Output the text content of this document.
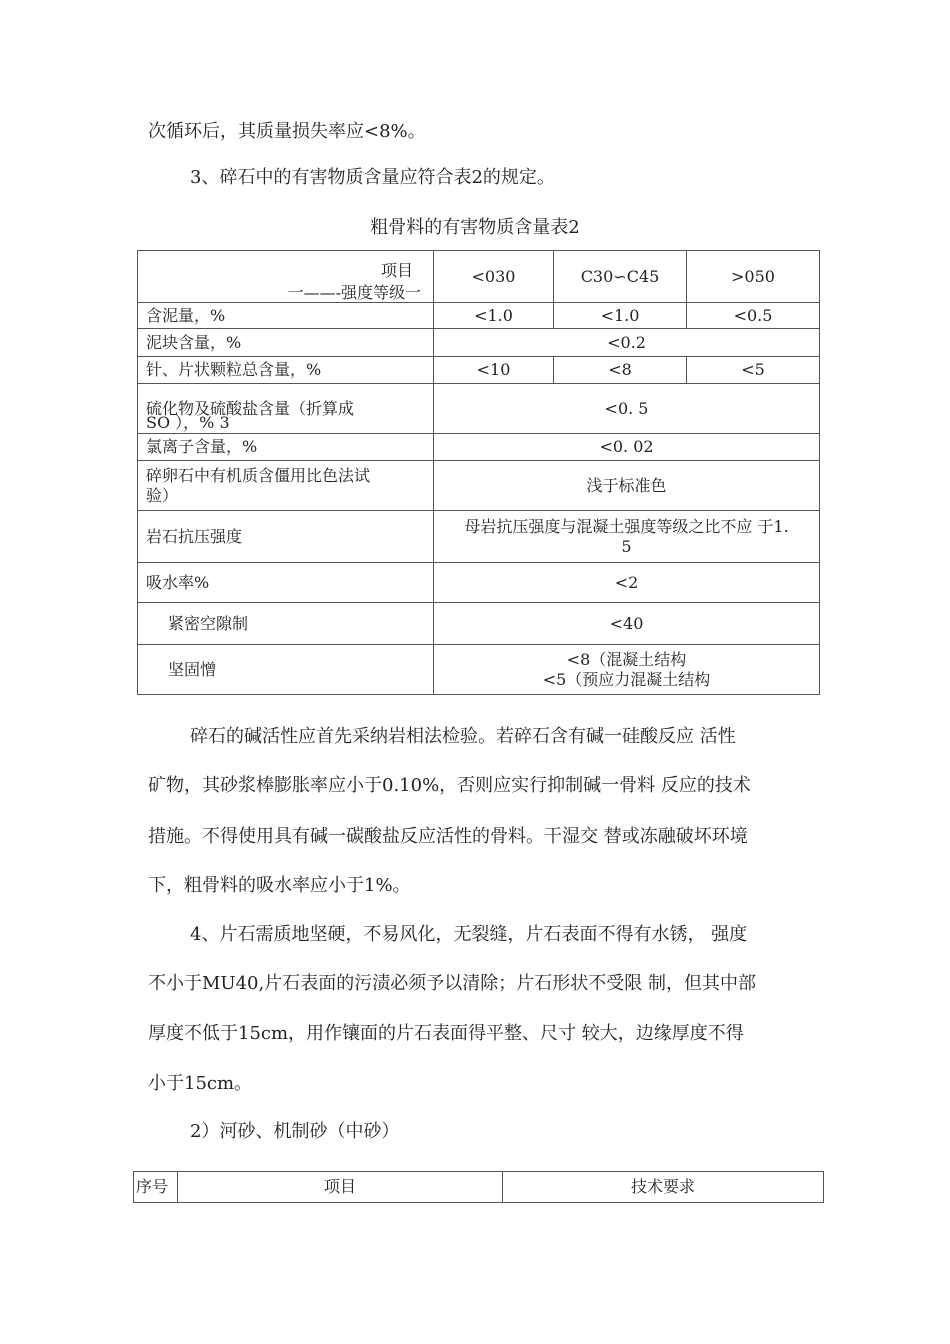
次循环后，其质量损失率应<8%。

3、碎石中的有害物质含量应符合表2的规定。

粗骨料的有害物质含量表2

项目
一——-强度等级一	<030	C30∽C45	>050
含泥量，%	<1.0	<1.0	<0.5
泥块含量，%	<0.2		
针、片状颗粒总含量，%	<10	<8	<5

硫化物及硫酸盐含量（折算成
SO ），% 3	<0. 5		
氯离子含量，%	<0. 02		

碎卵石中有机质含僵用比色法试
验）	浅于标准色		
岩石抗压强度	母岩抗压强度与混凝土强度等级之比不应 于1.
5		

吸水率%	<2		
紧密空隙制	<40		
坚固憎	<8（混凝土结构
<5（预应力混凝土结构		

碎石的碱活性应首先采纳岩相法检验。若碎石含有碱一硅酸反应 活性

矿物，其砂浆棒膨胀率应小于0.10%，否则应实行抑制碱一骨料 反应的技术

措施。不得使用具有碱一碳酸盐反应活性的骨料。干湿交 替或冻融破坏环境

下，粗骨料的吸水率应小于1%。

4、片石需质地坚硬，不易风化，无裂缝，片石表面不得有水锈， 强度

不小于MU40,片石表面的污渍必须予以清除；片石形状不受限 制，但其中部

厚度不低于15cm，用作镶面的片石表面得平整、尺寸 较大，边缘厚度不得

小于15cm。

2）河砂、机制砂（中砂）

序号	项目	技术要求
